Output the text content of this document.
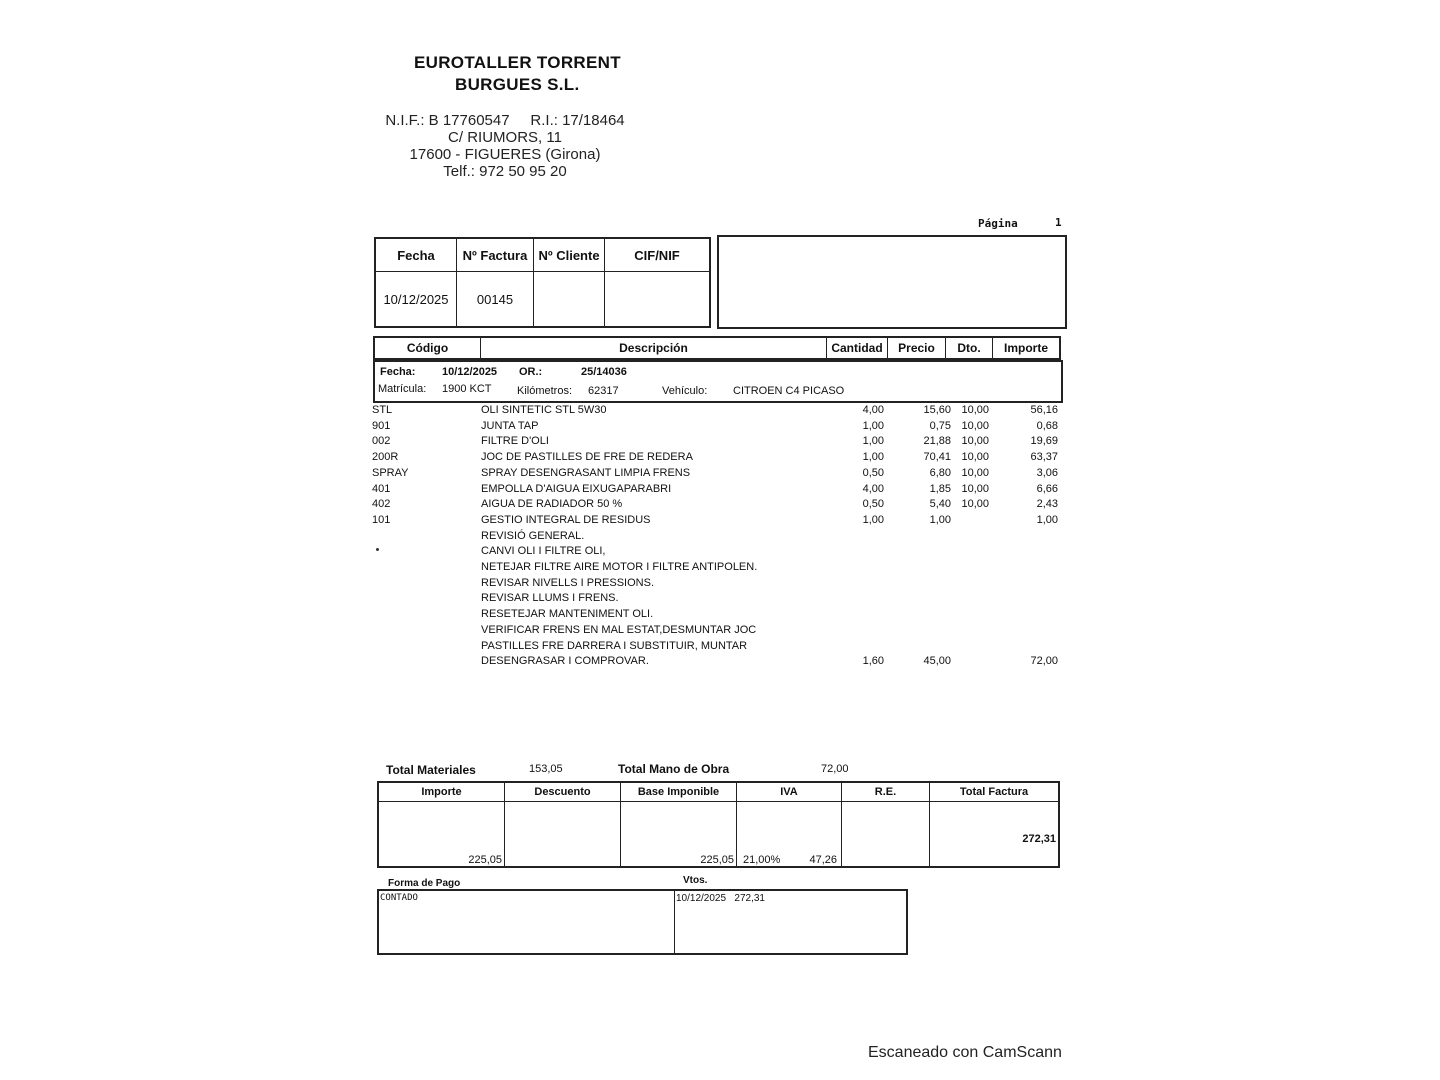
EUROTALLER TORRENT
BURGUES S.L.
N.I.F.: B 17760547     R.I.: 17/18464
C/ RIUMORS, 11
17600 - FIGUERES (Girona)
Telf.: 972 50 95 20
Página	1
Fecha	Nº Factura	Nº Cliente	CIF/NIF
10/12/2025	00145		
Código	Descripción	Cantidad	Precio	Dto.	Importe
Fecha: 10/12/2025 OR.:	25/14036
Matrícula: 1900 KCT Kilómetros: 62317	Vehículo: CITROEN C4 PICASO
STL	OLI SINTETIC STL 5W30	4,00	15,60 10,00	56,16
901	JUNTA TAP	1,00	0,75 10,00	0,68
002	FILTRE D'OLI	1,00	21,88 10,00	19,69
200R	JOC DE PASTILLES DE FRE DE REDERA	1,00	70,41 10,00	63,37
SPRAY	SPRAY DESENGRASANT LIMPIA FRENS	0,50	6,80 10,00	3,06
401	EMPOLLA D'AIGUA EIXUGAPARABRI	4,00	1,85 10,00	6,66
402	AIGUA DE RADIADOR 50 %	0,50	5,40 10,00	2,43
101	GESTIO INTEGRAL DE RESIDUS	1,00	1,00	1,00
REVISIÓ GENERAL.
CANVI OLI I FILTRE OLI,
NETEJAR FILTRE AIRE MOTOR I FILTRE ANTIPOLEN.
REVISAR NIVELLS I PRESSIONS.
REVISAR LLUMS I FRENS.
RESETEJAR MANTENIMENT OLI.
VERIFICAR FRENS EN MAL ESTAT,DESMUNTAR JOC
PASTILLES FRE DARRERA I SUBSTITUIR, MUNTAR
DESENGRASAR I COMPROVAR.	1,60	45,00	72,00
Total Materiales	153,05	Total Mano de Obra	72,00
Importe	Descuento	Base Imponible	IVA	R.E.	Total Factura
225,05		225,05	21,00% 47,26		272,31
Forma de Pago	Vtos.
CONTADO	10/12/2025 272,31
Escaneado con CamScann
